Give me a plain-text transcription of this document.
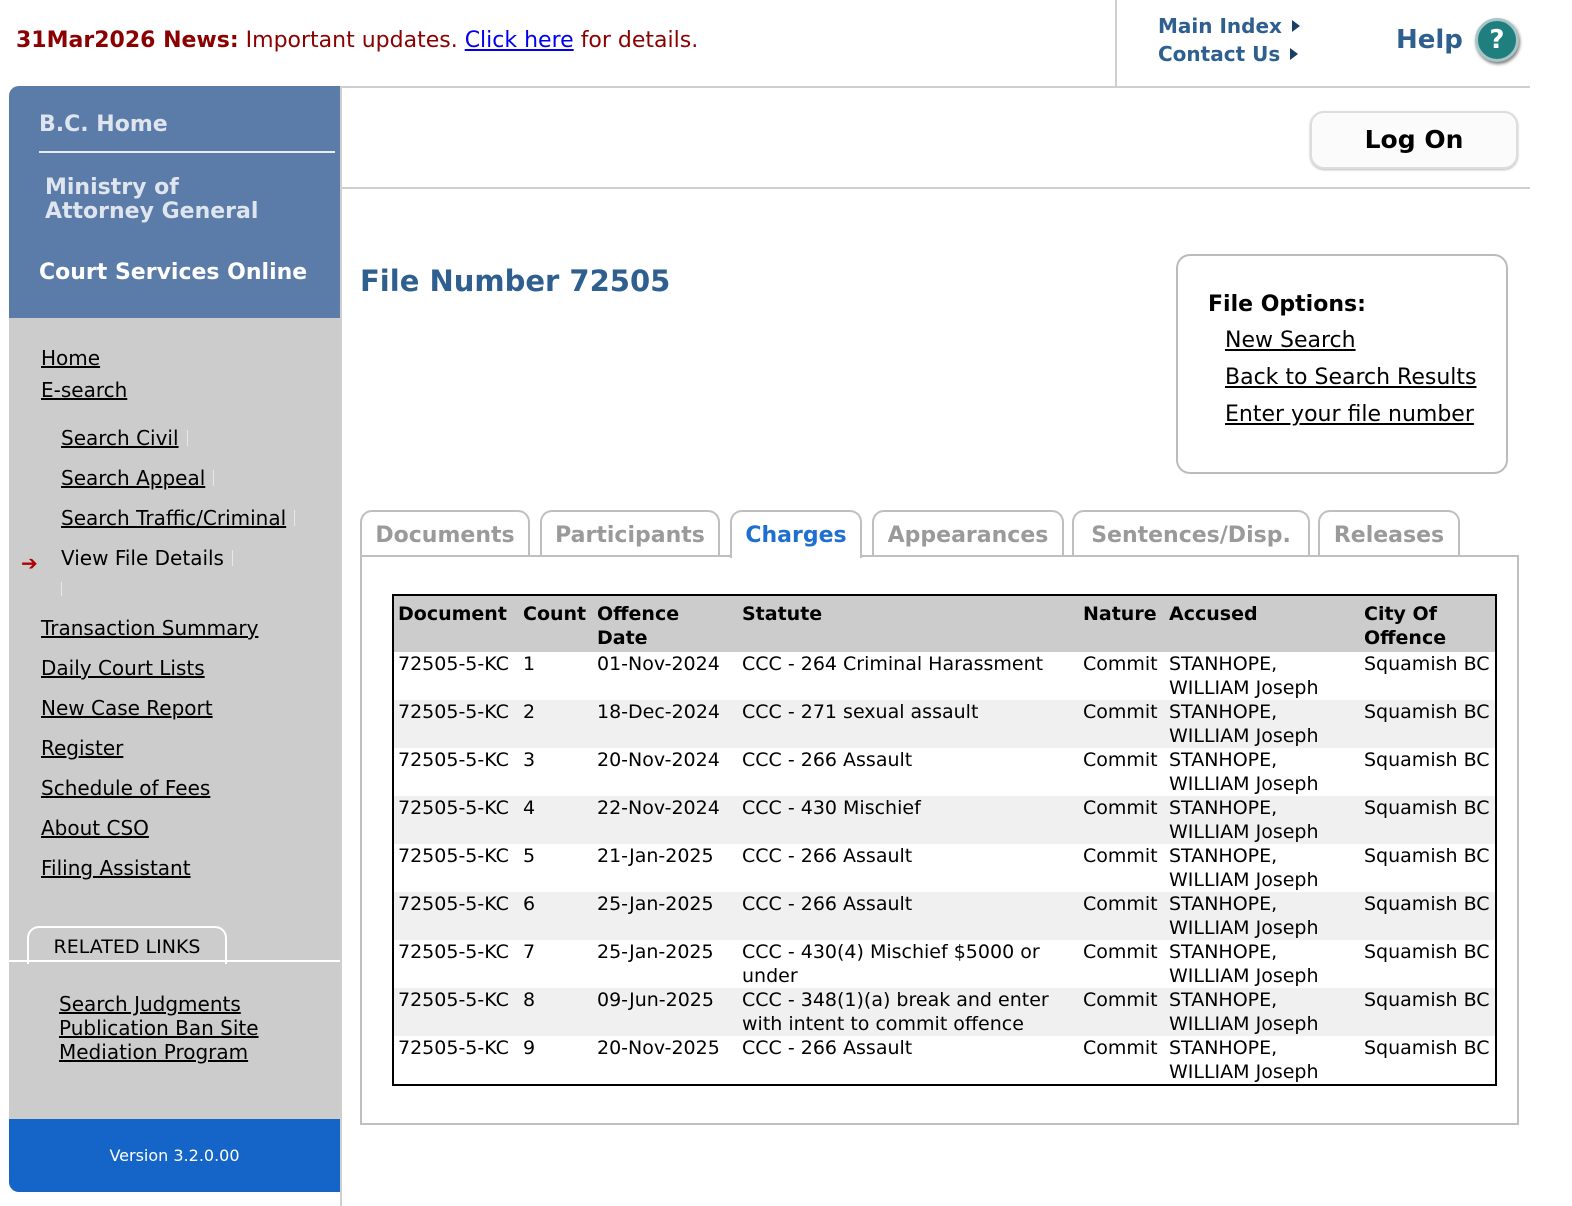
31Mar2026 News: Important updates. Click here for details.
Main Index
Contact Us	Help	?
B.C. Home
Ministry of
Attorney General
Court Services Online
Home
E-search
Search Civil
Search Appeal
Search Traffic/Criminal
➔ View File Details
Transaction Summary
Daily Court Lists
New Case Report
Register
Schedule of Fees
About CSO
Filing Assistant
RELATED LINKS
Search Judgments
Publication Ban Site
Mediation Program
Version 3.2.0.00
Log On
File Number 72505
File Options:
New Search
Back to Search Results
Enter your file number
Documents	Participants	Charges	Appearances	Sentences/Disp.	Releases
Document	Count	Offence Date	Statute	Nature	Accused	City Of Offence
72505-5-KC	1	01-Nov-2024	CCC - 264 Criminal Harassment	Commit	STANHOPE, WILLIAM Joseph	Squamish BC
72505-5-KC	2	18-Dec-2024	CCC - 271 sexual assault	Commit	STANHOPE, WILLIAM Joseph	Squamish BC
72505-5-KC	3	20-Nov-2024	CCC - 266 Assault	Commit	STANHOPE, WILLIAM Joseph	Squamish BC
72505-5-KC	4	22-Nov-2024	CCC - 430 Mischief	Commit	STANHOPE, WILLIAM Joseph	Squamish BC
72505-5-KC	5	21-Jan-2025	CCC - 266 Assault	Commit	STANHOPE, WILLIAM Joseph	Squamish BC
72505-5-KC	6	25-Jan-2025	CCC - 266 Assault	Commit	STANHOPE, WILLIAM Joseph	Squamish BC
72505-5-KC	7	25-Jan-2025	CCC - 430(4) Mischief $5000 or under	Commit	STANHOPE, WILLIAM Joseph	Squamish BC
72505-5-KC	8	09-Jun-2025	CCC - 348(1)(a) break and enter with intent to commit offence	Commit	STANHOPE, WILLIAM Joseph	Squamish BC
72505-5-KC	9	20-Nov-2025	CCC - 266 Assault	Commit	STANHOPE, WILLIAM Joseph	Squamish BC
